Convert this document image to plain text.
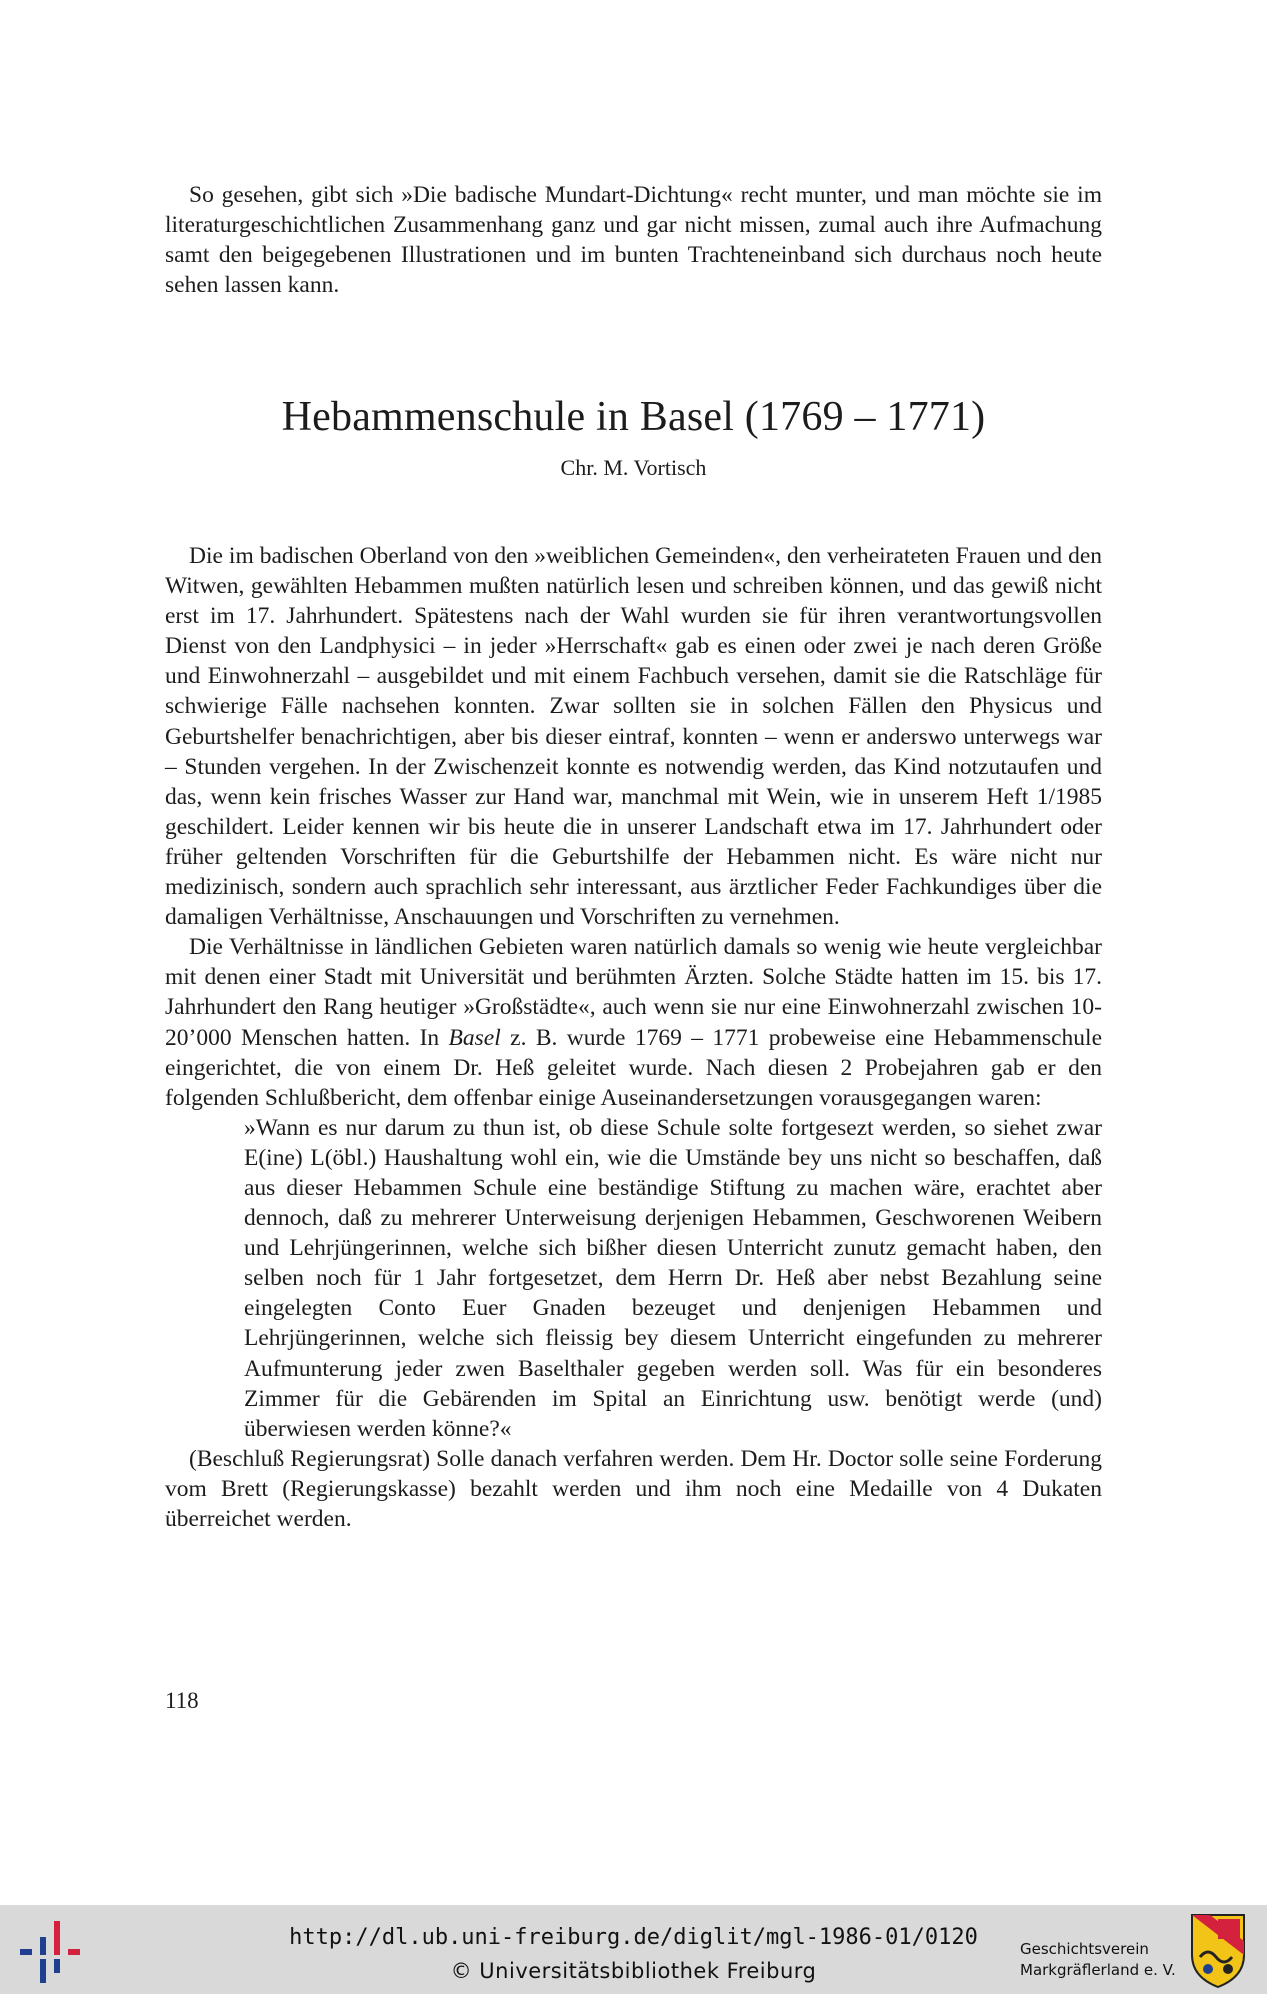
So gesehen, gibt sich »Die badische Mundart-Dichtung« recht munter, und man möchte sie im literaturgeschichtlichen Zusammenhang ganz und gar nicht missen, zumal auch ihre Aufmachung samt den beigegebenen Illustrationen und im bunten Trachteneinband sich durchaus noch heute sehen lassen kann.

Hebammenschule in Basel (1769 – 1771)
Chr. M. Vortisch

Die im badischen Oberland von den »weiblichen Gemeinden«, den verheirateten Frauen und den Witwen, gewählten Hebammen mußten natürlich lesen und schreiben können, und das gewiß nicht erst im 17. Jahrhundert. Spätestens nach der Wahl wurden sie für ihren verantwortungsvollen Dienst von den Landphysici – in jeder »Herrschaft« gab es einen oder zwei je nach deren Größe und Einwohnerzahl – ausgebildet und mit einem Fachbuch versehen, damit sie die Ratschläge für schwierige Fälle nachsehen konnten. Zwar sollten sie in solchen Fällen den Physicus und Geburtshelfer benachrichtigen, aber bis dieser eintraf, konnten – wenn er anderswo unterwegs war – Stunden vergehen. In der Zwischenzeit konnte es notwendig werden, das Kind notzutaufen und das, wenn kein frisches Wasser zur Hand war, manchmal mit Wein, wie in unserem Heft 1/1985 geschildert. Leider kennen wir bis heute die in unserer Landschaft etwa im 17. Jahrhundert oder früher geltenden Vorschriften für die Geburtshilfe der Hebammen nicht. Es wäre nicht nur medizinisch, sondern auch sprachlich sehr interessant, aus ärztlicher Feder Fachkundiges über die damaligen Verhältnisse, Anschauungen und Vorschriften zu vernehmen.

Die Verhältnisse in ländlichen Gebieten waren natürlich damals so wenig wie heute vergleichbar mit denen einer Stadt mit Universität und berühmten Ärzten. Solche Städte hatten im 15. bis 17. Jahrhundert den Rang heutiger »Großstädte«, auch wenn sie nur eine Einwohnerzahl zwischen 10-20’000 Menschen hatten. In Basel z. B. wurde 1769 – 1771 probeweise eine Hebammenschule eingerichtet, die von einem Dr. Heß geleitet wurde. Nach diesen 2 Probejahren gab er den folgenden Schlußbericht, dem offenbar einige Auseinandersetzungen vorausgegangen waren:

»Wann es nur darum zu thun ist, ob diese Schule solte fortgesezt werden, so siehet zwar E(ine) L(öbl.) Haushaltung wohl ein, wie die Umstände bey uns nicht so beschaffen, daß aus dieser Hebammen Schule eine beständige Stiftung zu machen wäre, erachtet aber dennoch, daß zu mehrerer Unterweisung derjenigen Hebammen, Geschworenen Weibern und Lehrjüngerinnen, welche sich bißher diesen Unterricht zunutz gemacht haben, den selben noch für 1 Jahr fortgesetzet, dem Herrn Dr. Heß aber nebst Bezahlung seine eingelegten Conto Euer Gnaden bezeuget und denjenigen Hebammen und Lehrjüngerinnen, welche sich fleissig bey diesem Unterricht eingefunden zu mehrerer Aufmunterung jeder zwen Baselthaler gegeben werden soll. Was für ein besonderes Zimmer für die Gebärenden im Spital an Einrichtung usw. benötigt werde (und) überwiesen werden könne?«

(Beschluß Regierungsrat) Solle danach verfahren werden. Dem Hr. Doctor solle seine Forderung vom Brett (Regierungskasse) bezahlt werden und ihm noch eine Medaille von 4 Dukaten überreichet werden.

118
http://dl.ub.uni-freiburg.de/diglit/mgl-1986-01/0120
© Universitätsbibliothek Freiburg
Geschichtsverein
Markgräflerland e. V.
